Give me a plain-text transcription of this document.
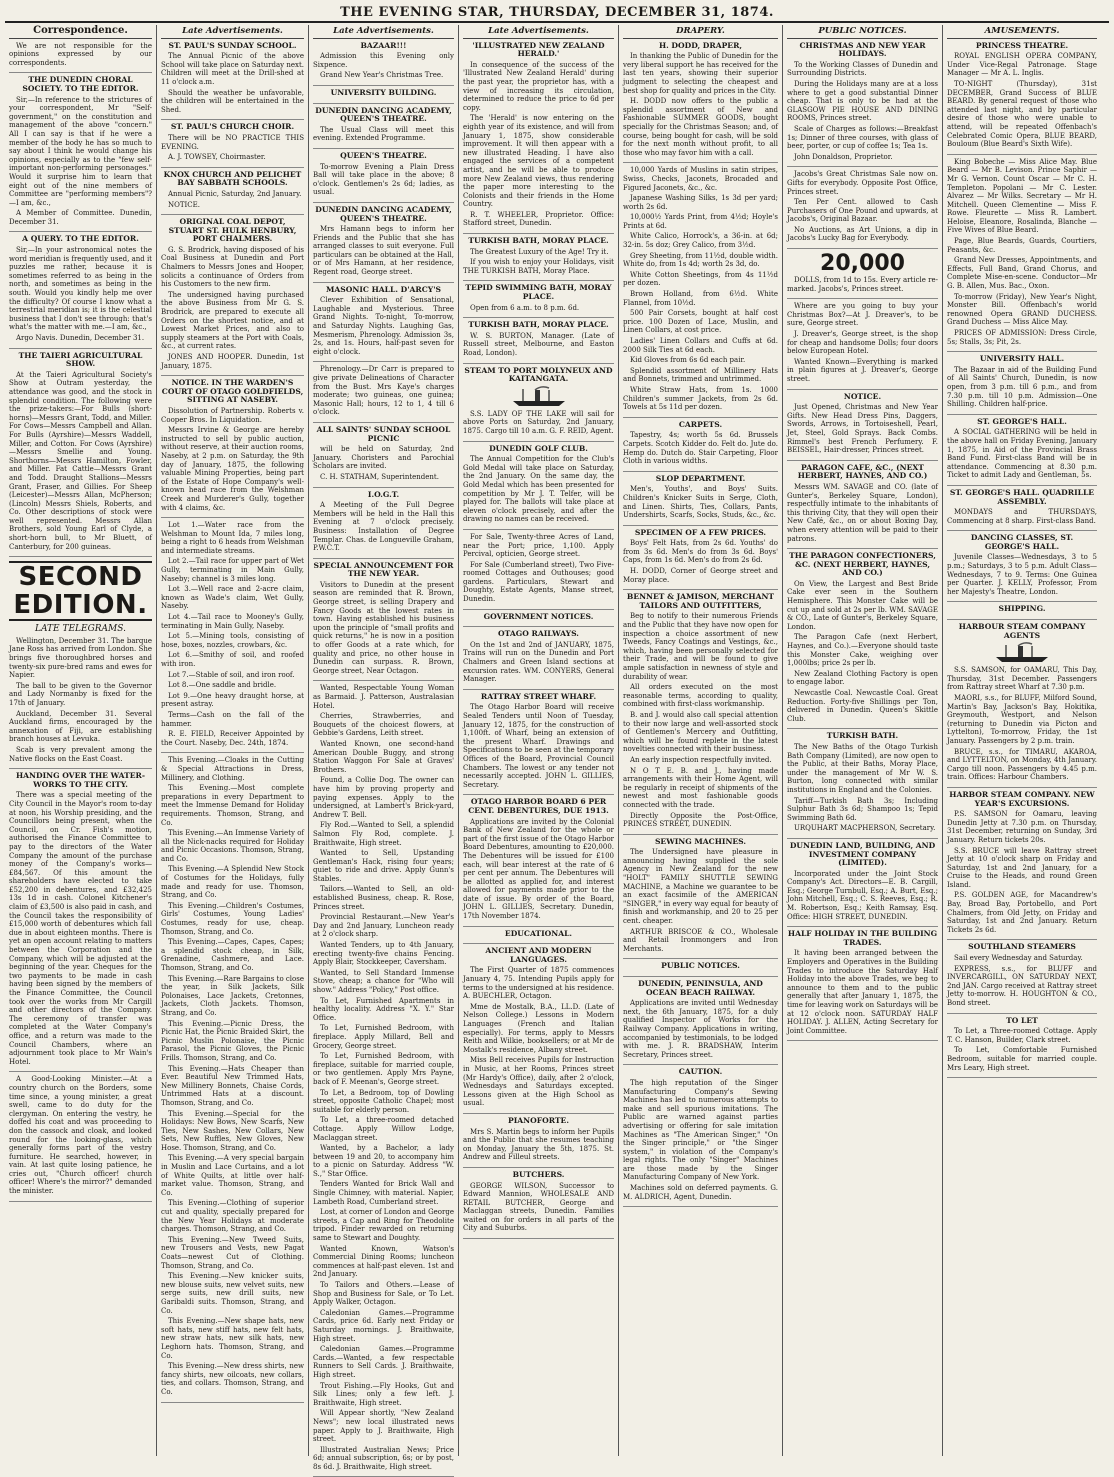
THE EVENING STAR, THURSDAY, DECEMBER 31, 1874.
Correspondence.

We are not responsible for the opinions expressed by our correspondents.

THE DUNEDIN CHORAL SOCIETY. TO THE EDITOR.

Sir,—In reference to the strictures of your correspondent, Mr "Self-government," on the constitution and management of the above "concern." All I can say is that if he were a member of the body he has so much to say about I think he would change his opinions, especially as to the "few self-important non-performing personages." Would it surprise him to learn that eight out of the nine members of Committee are "performing members"?—I am, &c.,

A Member of Committee. Dunedin, December 31.

A QUERY. TO THE EDITOR.

Sir,—In your astronomical notes the word meridian is frequently used, and it puzzles me rather, because it is sometimes referred to as being in the north, and sometimes as being in the south. Would you kindly help me over the difficulty? Of course I know what a terrestrial meridian is; it is the celestial business that I don't see through: that's what's the matter with me.—I am, &c.,

Argo Navis. Dunedin, December 31.

THE TAIERI AGRICULTURAL SHOW.

At the Taieri Agricultural Society's Show at Outram yesterday, the attendance was good, and the stock in splendid condition. The following were the prize-takers:—For Bulls (short-horns)—Messrs Grant, Todd, and Miller. For Cows—Messrs Campbell and Allan. For Bulls (Ayrshire)—Messrs Waddell, Miller, and Cotton. For Cows (Ayrshire)—Messrs Smellie and Young. Shorthorns—Messrs Hamilton, Fowler, and Miller. Fat Cattle—Messrs Grant and Todd. Draught Stallions—Messrs Grant, Fraser, and Gillies. For Sheep (Leicester)—Messrs Allan, McPherson; (Lincoln) Messrs Shiels, Roberts, and Co. Other descriptions of stock were well represented. Messrs Allan Brothers, sold Young Earl of Clyde, a short-horn bull, to Mr Bluett, of Canterbury, for 200 guineas.

SECOND EDITION.
LATE TELEGRAMS.

Wellington, December 31. The barque Jane Ross has arrived from London. She brings five thoroughbred horses and twenty-six pure-bred rams and ewes for Napier.

The ball to be given to the Governor and Lady Normanby is fixed for the 17th of January.

Auckland, December 31. Several Auckland firms, encouraged by the annexation of Fiji, are establishing branch houses at Levuka.

Scab is very prevalent among the Native flocks on the East Coast.

HANDING OVER THE WATER-WORKS TO THE CITY.

There was a special meeting of the City Council in the Mayor's room to-day at noon, his Worship presiding, and the Councillors being present, when the Council, on Cr. Fish's motion, authorised the Finance Committee to pay to the directors of the Water Company the amount of the purchase money of the Company's works—£84,567. Of this amount the shareholders have elected to take £52,200 in debentures, and £32,425 13s 1d in cash. Colonel Kitchener's claim of £3,500 is also paid in cash, and the Council takes the responsibility of £15,000 worth of debentures which fall due in about eighteen months. There is yet an open account relating to matters between the Corporation and the Company, which will be adjusted at the beginning of the year. Cheques for the two payments to be made in cash having been signed by the members of the Finance Committee, the Council took over the works from Mr Cargill and other directors of the Company. The ceremony of transfer was completed at the Water Company's office, and a return was made to the Council Chambers, where an adjournment took place to Mr Wain's Hotel.

A Good-Looking Minister.—At a country church on the Borders, some time since, a young minister, a great swell, came to do duty for the clergyman. On entering the vestry, he doffed his coat and was proceeding to don the cassock and cloak, and looked round for the looking-glass, which generally forms part of the vestry furniture. He searched, however, in vain. At last quite losing patience, he cries out, "Church officer! church officer! Where's the mirror?" demanded the minister.

Late Advertisements.
ST. PAUL'S SUNDAY SCHOOL.

The Annual Picnic of the above School will take place on Saturday next. Children will meet at the Drill-shed at 11 o'clock a.m.

Should the weather be unfavorable, the children will be entertained in the Shed.

ST. PAUL'S CHURCH CHOIR.

There will be NO PRACTICE THIS EVENING.

A. J. TOWSEY, Choirmaster.

KNOX CHURCH AND PELICHET BAY SABBATH SCHOOLS.

Annual Picnic, Saturday, 2nd January.

NOTICE.

ORIGINAL COAL DEPOT, STUART ST. HULK HENBURY, PORT CHALMERS.

G. S. Brodrick, having disposed of his Coal Business at Dunedin and Port Chalmers to Messrs Jones and Hooper, solicits a continuance of Orders from his Customers to the new firm.

The undersigned having purchased the above Business from Mr G. S. Brodrick, are prepared to execute all Orders on the shortest notice, and at Lowest Market Prices, and also to supply steamers at the Port with Coals, &c., at current rates.

JONES AND HOOPER. Dunedin, 1st January, 1875.

NOTICE. IN THE WARDEN'S COURT OF OTAGO GOLDFIELDS, SITTING AT NASEBY.

Dissolution of Partnership. Roberts v. Cooper Bros. In Liquidation.

Messrs Irvine & George are hereby instructed to sell by public auction, without reserve, at their auction rooms, Naseby, at 2 p.m. on Saturday, the 9th day of January, 1875, the following valuable Mining Properties, being part of the Estate of Hope Company's well-known head race from the Welshman Creek and Murderer's Gully, together with 4 claims, &c.

Lot 1.—Water race from the Welshman to Mount Ida, 7 miles long, being a right to 6 heads from Welshman and intermediate streams.

Lot 2.—Tail race for upper part of Wet Gully, terminating in Main Gully, Naseby; channel is 3 miles long.

Lot 3.—Well race and 2-acre claim, known as Wade's claim, Wet Gully, Naseby.

Lot 4.—Tail race to Mooney's Gully, terminating in Main Gully, Naseby.

Lot 5.—Mining tools, consisting of hose, boxes, nozzles, crowbars, &c.

Lot 6.—Smithy of soil, and roofed with iron.

Lot 7.—Stable of soil, and iron roof.

Lot 8.—One saddle and bridle.

Lot 9.—One heavy draught horse, at present astray.

Terms—Cash on the fall of the hammer.

R. E. FIELD, Receiver Appointed by the Court. Naseby, Dec. 24th, 1874.

This Evening.—Cloaks in the Cutting & Special Attractions in Dress, Millinery, and Clothing.

This Evening.—Most complete preparations in every Department to meet the Immense Demand for Holiday requirements. Thomson, Strang, and Co.

This Evening.—An Immense Variety of all the Nick-nacks required for Holiday and Picnic Occasions. Thomson, Strang, and Co.

This Evening.—A Splendid New Stock of Costumes for the Holidays, fully made and ready for use. Thomson, Strang, and Co.

This Evening.—Children's Costumes, Girls' Costumes, Young Ladies' Costumes, ready for use, cheap. Thomson, Strang, and Co.

This Evening.—Capes, Capes, Capes; a splendid stock cheap, in Silk, Grenadine, Cashmere, and Lace. Thomson, Strang, and Co.

This Evening.—Rare Bargains to close the year, in Silk Jackets, Silk Polonaises, Lace Jackets, Cretonnes, Jackets, Cloth Jackets. Thomson, Strang, and Co.

This Evening.—Picnic Dress, the Picnic Hat, the Picnic Braided Skirt, the Picnic Muslin Polonaise, the Picnic Parasol, the Picnic Gloves, the Picnic Frills. Thomson, Strang, and Co.

This Evening.—Hats Cheaper than Ever. Beautiful New Trimmed Hats, New Millinery Bonnets, Chaise Cords, Untrimmed Hats at a discount. Thomson, Strang, and Co.

This Evening.—Special for the Holidays: New Bows, New Scarfs, New Ties, New Sashes, New Collars, New Sets, New Ruffles, New Gloves, New Hose. Thomson, Strang, and Co.

This Evening.—A very special bargain in Muslin and Lace Curtains, and a lot of White Quilts, at little over half-market value. Thomson, Strang, and Co.

This Evening.—Clothing of superior cut and quality, specially prepared for the New Year Holidays at moderate charges. Thomson, Strang, and Co.

This Evening.—New Tweed Suits, new Trousers and Vests, new Pagat Coats—newest Cut of Clothing. Thomson, Strang, and Co.

This Evening.—New knicker suits, new blouse suits, new velvet suits, new serge suits, new drill suits, new Garibaldi suits. Thomson, Strang, and Co.

This Evening.—New shape hats, new soft hats, new stiff hats, new felt hats, new straw hats, new silk hats, new Leghorn hats. Thomson, Strang, and Co.

This Evening.—New dress shirts, new fancy shirts, new oilcoats, new collars, ties, and collars. Thomson, Strang, and Co.

Late Advertisements.
BAZAAR!!!

Admission this Evening only Sixpence.

Grand New Year's Christmas Tree.

UNIVERSITY BUILDING.
DUNEDIN DANCING ACADEMY, QUEEN'S THEATRE.

The Usual Class will meet this evening. Extended Programme.

QUEEN'S THEATRE.

To-morrow Evening a Plain Dress Ball will take place in the above; 8 o'clock. Gentlemen's 2s 6d; ladies, as usual.

DUNEDIN DANCING ACADEMY, QUEEN'S THEATRE.

Mrs Hamann begs to inform her Friends and the Public that she has arranged classes to suit everyone. Full particulars can be obtained at the Hall, or of Mrs Hamann, at her residence, Regent road, George street.

MASONIC HALL. D'ARCY'S

Clever Exhibition of Sensational, Laughable and Mysterious. Three Grand Nights. To-night, To-morrow, and Saturday Nights. Laughing Gas, Mesmerism, Phrenology. Admission 3s, 2s, and 1s. Hours, half-past seven for eight o'clock.

Phrenology.—Dr Carr is prepared to give private Delineations of Character from the Bust. Mrs Kaye's charges moderate; two guineas, one guinea; Masonic Hall; hours, 12 to 1, 4 till 6 o'clock.

ALL SAINTS' SUNDAY SCHOOL PICNIC

will be held on Saturday, 2nd January. Choristers and Parochial Scholars are invited.

C. H. STATHAM, Superintendent.

I.O.G.T.

A Meeting of the Full Degree Members will be held in the Hall this Evening at 7 o'clock precisely. Business: Installation of Degree Templar. Chas. de Longueville Graham, P.W.C.T.

SPECIAL ANNOUNCEMENT FOR THE NEW YEAR.

Visitors to Dunedin at the present season are reminded that R. Brown, George street, is selling Drapery and Fancy Goods at the lowest rates in town. Having established his business upon the principle of "small profits and quick returns," he is now in a position to offer Goods at a rate which, for quality and price, no other house in Dunedin can surpass. R. Brown, George street, Near Octagon.

Wanted, Respectable Young Woman as Barmaid. J. Patterson, Australasian Hotel.

Cherries, Strawberries, and Bouquets of the choicest flowers, at Gebbie's Gardens, Leith street.

Wanted Known, one second-hand American Double Buggy, and strong Station Waggon For Sale at Graves' Brothers.

Found, a Collie Dog. The owner can have him by proving property and paying expenses. Apply to the undersigned, at Lambert's Brick-yard, Andrew T. Bell.

Fly Rod.—Wanted to Sell, a splendid Salmon Fly Rod, complete. J. Braithwaite, High street.

Wanted to Sell, Upstanding Gentleman's Hack, rising four years; quiet to ride and drive. Apply Gunn's Stables.

Tailors.—Wanted to Sell, an old-established Business, cheap. R. Rose, Princes street.

Provincial Restaurant.—New Year's Day and 2nd January, Luncheon ready at 2 o'clock sharp.

Wanted Tenders, up to 4th January, erecting twenty-five chains Fencing. Apply Blair, Stockkeeper, Caversham.

Wanted, to Sell Standard Immense Stove, cheap; a chance for "Who will show." Address "Policy," Post office.

To Let, Furnished Apartments in healthy locality. Address "X. Y." Star Office.

To Let, Furnished Bedroom, with fireplace. Apply Millard, Bell and Grocery, George street.

To Let, Furnished Bedroom, with fireplace, suitable for married couple, or two gentlemen. Apply Mrs Payne, back of F. Meenan's, George street.

To Let, a Bedroom, top of Dowling street, opposite Catholic Chapel; most suitable for elderly person.

To Let, a three-roomed detached Cottage. Apply Willow Lodge, Maclaggan street.

Wanted, by a Bachelor, a lady between 19 and 20, to accompany him to a picnic on Saturday. Address "W. S.," Star Office.

Tenders Wanted for Brick Wall and Single Chimney, with material. Napier, Lambeth Road, Cumberland street.

Lost, at corner of London and George streets, a Cap and Ring for Theodolite tripod. Finder rewarded on returning same to Stewart and Doughty.

Wanted Known, Watson's Commercial Dining Rooms; luncheon commences at half-past eleven. 1st and 2nd January.

To Tailors and Others.—Lease of Shop and Business for Sale, or To Let. Apply Walker, Octagon.

Caledonian Games.—Programme Cards, price 6d. Early next Friday or Saturday mornings. J. Braithwaite, High street.

Caledonian Games.—Programme Cards.—Wanted, a few respectable Runners to Sell Cards. J. Braithwaite, High street.

Trout Fishing.—Fly Hooks, Gut and Silk Lines; only a few left. J. Braithwaite, High street.

Will Appear shortly, "New Zealand News"; new local illustrated news paper. Apply to J. Braithwaite, High street.

Illustrated Australian News; Price 6d; annual subscription, 6s; or by post, 8s 6d. J. Braithwaite, High street.

Late Advertisements.
'ILLUSTRATED NEW ZEALAND HERALD.'

In consequence of the success of the 'Illustrated New Zealand Herald' during the past year, the proprietor has, with a view of increasing its circulation, determined to reduce the price to 6d per copy.

The 'Herald' is now entering on the eighth year of its existence, and will from January 1, 1875, show considerable improvement. It will then appear with a new illustrated Heading. I have also engaged the services of a competent artist, and he will be able to produce more New Zealand views, thus rendering the paper more interesting to the Colonists and their friends in the Home Country.

R. T. WHEELER, Proprietor. Office: Stafford street, Dunedin.

TURKISH BATH, MORAY PLACE.

The Greatest Luxury of the Age! Try it.

If you wish to enjoy your Holidays, visit THE TURKISH BATH, Moray Place.

TEPID SWIMMING BATH, MORAY PLACE.

Open from 6 a.m. to 8 p.m. 6d.

TURKISH BATH, MORAY PLACE.

W. S. BURTON, Manager. (Late of Russell street, Melbourne, and Easton Road, London).

STEAM TO PORT MOLYNEUX AND KAITANGATA.

S.S. LADY OF THE LAKE will sail for above Ports on Saturday, 2nd January, 1875. Cargo till 10 a.m. G. F. REID, Agent.

DUNEDIN GOLF CLUB.

The Annual Competition for the Club's Gold Medal will take place on Saturday, the 2nd January. On the same day, the Gold Medal which has been presented for competition by Mr J. T. Telfer, will be played for. The ballots will take place at eleven o'clock precisely, and after the drawing no names can be received.

For Sale, Twenty-three Acres of Land, near the Port; price, 1,100. Apply Percival, opticien, George street.

For Sale (Cumberland street), Two Five-roomed Cottages and Outhouses; good gardens. Particulars, Stewart and Doughty, Estate Agents, Manse street, Dunedin.

GOVERNMENT NOTICES.
OTAGO RAILWAYS.

On the 1st and 2nd of JANUARY, 1875, Trains will run on the Dunedin and Port Chalmers and Green Island sections at excursion rates. WM. CONYERS, General Manager.

RATTRAY STREET WHARF.

The Otago Harbor Board will receive Sealed Tenders until Noon of Tuesday, January 12, 1875, for the construction of 1,100ft. of Wharf, being an extension of the present Wharf. Drawings and Specifications to be seen at the temporary Offices of the Board, Provincial Council Chambers. The lowest or any tender not necessarily accepted. JOHN L. GILLIES, Secretary.

OTAGO HARBOR BOARD 6 PER CENT. DEBENTURES, DUE 1913.

Applications are invited by the Colonial Bank of New Zealand for the whole or part of the first issue of the Otago Harbor Board Debentures, amounting to £20,000. The Debentures will be issued for £100 each, will bear interest at the rate of 6 per cent per annum. The Debentures will be allotted as applied for, and interest allowed for payments made prior to the date of issue. By order of the Board, JOHN L. GILLIES, Secretary. Dunedin, 17th November 1874.

EDUCATIONAL.
ANCIENT AND MODERN LANGUAGES.

The First Quarter of 1875 commences January 4, 75. Intending Pupils apply for terms to the undersigned at his residence. A. BUECHLER, Octagon.

Mme de Mostalk, B.A., LL.D. (Late of Nelson College.) Lessons in Modern Languages (French and Italian especially). For terms, apply to Messrs Reith and Wilkie, booksellers; or at Mr de Mostalk's residence, Albany street.

Miss Bell receives Pupils for Instruction in Music, at her Rooms, Princes street (Mr Hardy's Office), daily, after 2 o'clock, Wednesdays and Saturdays excepted. Lessons given at the High School as usual.

PIANOFORTE.

Mrs S. Martin begs to inform her Pupils and the Public that she resumes teaching on Monday, January the 5th, 1875. St. Andrew and Filleul streets.

BUTCHERS.

GEORGE WILSON, Successor to Edward Mannion, WHOLESALE AND RETAIL BUTCHER, George and Maclaggan streets, Dunedin. Families waited on for orders in all parts of the City and Suburbs.

DRAPERY.
H. DODD, DRAPER,

In thanking the Public of Dunedin for the very liberal support he has received for the last ten years, showing their superior judgment to selecting the cheapest and best shop for quality and prices in the City.

H. DODD now offers to the public a splendid assortment of New and Fashionable SUMMER GOODS, bought specially for the Christmas Season; and, of course, being bought for cash, will be sold for the next month without profit, to all those who may favor him with a call.

10,000 Yards of Muslins in satin stripes, Swiss, Checks, Jaconets, Brocaded and Figured Jaconets, &c., &c.

Japanese Washing Silks, 1s 3d per yard; worth 2s 6d.

10,000½ Yards Print, from 4½d; Hoyle's Prints at 6d.

White Calico, Horrock's, a 36-in. at 6d; 32-in. 5s doz; Grey Calico, from 3½d.

Grey Sheeting, from 11½d, double width. White do, from 1s 4d; worth 2s 3d, do.

White Cotton Sheetings, from 4s 11½d per dozen.

Brown Holland, from 6½d. White Flannel, from 10½d.

500 Pair Corsets, bought at half cost price. 100 Dozen of Lace, Muslin, and Linen Collars, at cost price.

Ladies' Linen Collars and Cuffs at 6d. 2000 Silk Ties at 6d each.

Kid Gloves from 6s 6d each pair.

Splendid assortment of Millinery Hats and Bonnets, trimmed and untrimmed.

White Straw Hats, from 1s. 1000 Children's summer Jackets, from 2s 6d. Towels at 5s 11d per dozen.

CARPETS.

Tapestry, 4s; worth 5s 6d. Brussels Carpets. Scotch Kidder do. Felt do. Jute do. Hemp do. Dutch do. Stair Carpeting, Floor Cloth in various widths.

SLOP DEPARTMENT.

Men's, Youths', and Boys' Suits. Children's Knicker Suits in Serge, Cloth, and Linen. Shirts, Ties, Collars, Pants, Undershirts, Scarfs, Socks, Studs, &c., &c.

SPECIMEN OF A FEW PRICES.

Boys' Felt Hats, from 2s 6d. Youths' do from 3s 6d. Men's do from 3s 6d. Boys' Caps, from 1s 6d. Men's do from 2s 6d.

H. DODD, Corner of George street and Moray place.

BENNET & JAMISON, MERCHANT TAILORS AND OUTFITTERS,

Beg to notify to their numerous Friends and the Public that they have now open for inspection a choice assortment of new Tweeds, Fancy Coatings and Vestings, &c., which, having been personally selected for their Trade, and will be found to give ample satisfaction in newness of style and durability of wear.

All orders executed on the most reasonable terms, according to quality, combined with first-class workmanship.

B. and J. would also call special attention to their now large and well-assorted stock of Gentlemen's Mercery and Outfitting, which will be found replete in the latest novelties connected with their business.

An early inspection respectfully invited.

N O T E. B. and J., having made arrangements with their Home Agent, will be regularly in receipt of shipments of the newest and most fashionable goods connected with the trade.

Directly Opposite the Post-Office, PRINCES STREET, DUNEDIN.

SEWING MACHINES.

The Undersigned have pleasure in announcing having supplied the sole Agency in New Zealand for the new "HOLT" FAMILY SHUTTLE SEWING MACHINE, a Machine we guarantee to be an exact facsimile of the AMERICAN "SINGER," in every way equal for beauty of finish and workmanship, and 20 to 25 per cent. cheaper.

ARTHUR BRISCOE & CO., Wholesale and Retail Ironmongers and Iron Merchants.

PUBLIC NOTICES.
DUNEDIN, PENINSULA, AND OCEAN BEACH RAILWAY.

Applications are invited until Wednesday next, the 6th January, 1875, for a duly qualified Inspector of Works for the Railway Company. Applications in writing, accompanied by testimonials, to be lodged with me. J. R. BRADSHAW, Interim Secretary, Princes street.

CAUTION.

The high reputation of the Singer Manufacturing Company's Sewing Machines has led to numerous attempts to make and sell spurious imitations. The Public are warned against parties advertising or offering for sale imitation Machines as "The American Singer," "On the Singer principle," or "the Singer system," in violation of the Company's legal rights. The only "Singer" Machines are those made by the Singer Manufacturing Company of New York.

Machines sold on deferred payments. G. M. ALDRICH, Agent, Dunedin.

PUBLIC NOTICES.
CHRISTMAS AND NEW YEAR HOLIDAYS.

To the Working Classes of Dunedin and Surrounding Districts.

During the Holidays many are at a loss where to get a good substantial Dinner cheap. That is only to be had at the GLASGOW PIE HOUSE AND DINING ROOMS, Princes street.

Scale of Charges as follows:—Breakfast 1s; Dinner of three courses, with glass of beer, porter, or cup of coffee 1s; Tea 1s.

John Donaldson, Proprietor.

Jacobs's Great Christmas Sale now on. Gifts for everybody. Opposite Post Office, Princes street.

Ten Per Cent. allowed to Cash Purchasers of One Pound and upwards, at Jacobs's, Original Bazaar.

No Auctions, as Art Unions, a dip in Jacobs's Lucky Bag for Everybody.

20,000

DOLLS, from 1d to 15s. Every article re-marked. Jacobs's, Princes street.

Where are you going to buy your Christmas Box?—At J. Dreaver's, to be sure, George street.

J. Dreaver's, George street, is the shop for cheap and handsome Dolls; four doors below European Hotel.

Wanted Known—Everything is marked in plain figures at J. Dreaver's, George street.

NOTICE.

Just Opened, Christmas and New Year Gifts. New Head Dress Pins, Daggers, Swords, Arrows, in Tortoiseshell, Pearl, Jet, Steel, Gold Sprays. Back Combs. Rimmel's best French Perfumery. F. BEISSEL, Hair-dresser, Princes street.

PARAGON CAFE, &C., (NEXT HERBERT, HAYNES, AND CO.)

Messrs WM. SAVAGE and CO. (late of Gunter's, Berkeley Square, London), respectfully intimate to the inhabitants of this thriving City, that they will open their New Café, &c., on or about Boxing Day, when every attention will be paid to their patrons.

THE PARAGON CONFECTIONERS, &C. (NEXT HERBERT, HAYNES, AND CO.)

On View, the Largest and Best Bride Cake ever seen in the Southern Hemisphere. This Monster Cake will be cut up and sold at 2s per lb. WM. SAVAGE & CO., Late of Gunter's, Berkeley Square, London.

The Paragon Cafe (next Herbert, Haynes, and Co.).—Everyone should taste this Monster Cake, weighing over 1,000lbs; price 2s per lb.

New Zealand Clothing Factory is open to engage labor.

Newcastle Coal. Newcastle Coal. Great Reduction. Forty-five Shillings per Ton, delivered in Dunedin. Queen's Skittle Club.

TURKISH BATH.

The New Baths of the Otago Turkish Bath Company (Limited), are now open to the Public, at their Baths, Moray Place, under the management of Mr W. S. Burton, long connected with similar institutions in England and the Colonies.

Tariff—Turkish Bath 3s; Including Sulphur Bath 3s 6d; Shampoo 1s; Tepid Swimming Bath 6d.

URQUHART MACPHERSON, Secretary.

DUNEDIN LAND, BUILDING, AND INVESTMENT COMPANY (LIMITED).

Incorporated under the Joint Stock Company's Act. Directors—E. B. Cargill, Esq.; George Turnbull, Esq.; A. Burt, Esq.; John Mitchell, Esq.; C. S. Reeves, Esq.; R. M. Robertson, Esq.; Keith Ramsay, Esq. Office: HIGH STREET, DUNEDIN.

HALF HOLIDAY IN THE BUILDING TRADES.

It having been arranged between the Employers and Operatives in the Building Trades to introduce the Saturday Half Holiday into the above Trades, we beg to announce to them and to the public generally that after January 1, 1875, the time for leaving work on Saturdays will be at 12 o'clock noon. SATURDAY HALF HOLIDAY. J. ALLEN, Acting Secretary for Joint Committee.

AMUSEMENTS.
PRINCESS THEATRE.

ROYAL ENGLISH OPERA COMPANY, Under Vice-Regal Patronage. Stage Manager — Mr A. L. Inglis.

TO-NIGHT (Thursday), 31st DECEMBER, Grand Success of BLUE BEARD. By general request of those who attended last night, and by particular desire of those who were unable to attend, will be repeated Offenbach's Celebrated Comic Opera, BLUE BEARD, Bouloum (Blue Beard's Sixth Wife).

King Bobeche — Miss Alice May. Blue Beard — Mr B. Levison. Prince Saphir — Mr G. Vernon. Count Oscar — Mr C. H. Templeton. Popolani — Mr C. Lester. Alvarez — Mr Wilks. Secretary — Mr H. Mitchell. Queen Clementine — Miss F. Rowe. Fleurette — Miss R. Lambert. Heloise, Eleanore, Rosalinda, Blanche — Five Wives of Blue Beard.

Page, Blue Beards, Guards, Courtiers, Peasants, &c.

Grand New Dresses, Appointments, and Effects, Full Band, Grand Chorus, and Complete Mise-en-scene. Conductor—Mr G. B. Allen, Mus. Bac., Oxon.

To-morrow (Friday), New Year's Night, Monster Bill. Offenbach's world renowned Opera GRAND DUCHESS. Grand Duchess — Miss Alice May.

PRICES OF ADMISSION: Dress Circle, 5s; Stalls, 3s; Pit, 2s.

UNIVERSITY HALL.

The Bazaar in aid of the Building Fund of All Saints' Church, Dunedin, is now open, from 3 p.m. till 6 p.m., and from 7.30 p.m. till 10 p.m. Admission—One Shilling. Children half-price.

ST. GEORGE'S HALL.

A SOCIAL GATHERING will be held in the above hall on Friday Evening, January 1, 1875, in Aid of the Provincial Brass Band Fund. First-class Band will be in attendance. Commencing at 8.30 p.m. Ticket to admit Lady and Gentleman, 5s.

ST. GEORGE'S HALL. QUADRILLE ASSEMBLY.

MONDAYS and THURSDAYS, Commencing at 8 sharp. First-class Band.

DANCING CLASSES, ST. GEORGE'S HALL.

Juvenile Classes—Wednesdays, 3 to 5 p.m.; Saturdays, 3 to 5 p.m. Adult Class—Wednesdays, 7 to 9. Terms: One Guinea per Quarter. J. KELLY, Professor, From her Majesty's Theatre, London.

SHIPPING.
HARBOUR STEAM COMPANY AGENTS

S.S. SAMSON, for OAMARU, This Day, Thursday, 31st December. Passengers from Rattray street Wharf at 7.30 p.m.

MAORI, s.s., for BLUFF, Milford Sound, Martin's Bay, Jackson's Bay, Hokitika, Greymouth, Westport, and Nelson (returning to Dunedin via Picton and Lyttelton), To-morrow, Friday, the 1st January. Passengers by 2 p.m. train.

BRUCE, s.s., for TIMARU, AKAROA, and LYTTELTON, on Monday, 4th January. Cargo till noon. Passengers by 4.45 p.m. train. Offices: Harbour Chambers.

HARBOR STEAM COMPANY. NEW YEAR'S EXCURSIONS.

P.S. SAMSON for Oamaru, leaving Dunedin Jetty at 7.30 p.m. on Thursday, 31st December, returning on Sunday, 3rd January. Return tickets 20s.

S.S. BRUCE will leave Rattray street Jetty at 10 o'clock sharp on Friday and Saturday, 1st and 2nd January, for a Cruise to the Heads, and round Green Island.

P.S. GOLDEN AGE, for Macandrew's Bay, Broad Bay, Portobello, and Port Chalmers, from Old Jetty, on Friday and Saturday, 1st and 2nd January. Return Tickets 2s 6d.

SOUTHLAND STEAMERS

Sail every Wednesday and Saturday.

EXPRESS, s.s., for BLUFF and INVERCARGILL, ON SATURDAY NEXT, 2nd JAN. Cargo received at Rattray street Jetty to-morrow. H. HOUGHTON & CO., Bond street.

TO LET

To Let, a Three-roomed Cottage. Apply T. C. Hanson, Builder, Clark street.

To Let, Comfortable Furnished Bedroom, suitable for married couple. Mrs Leary, High street.
